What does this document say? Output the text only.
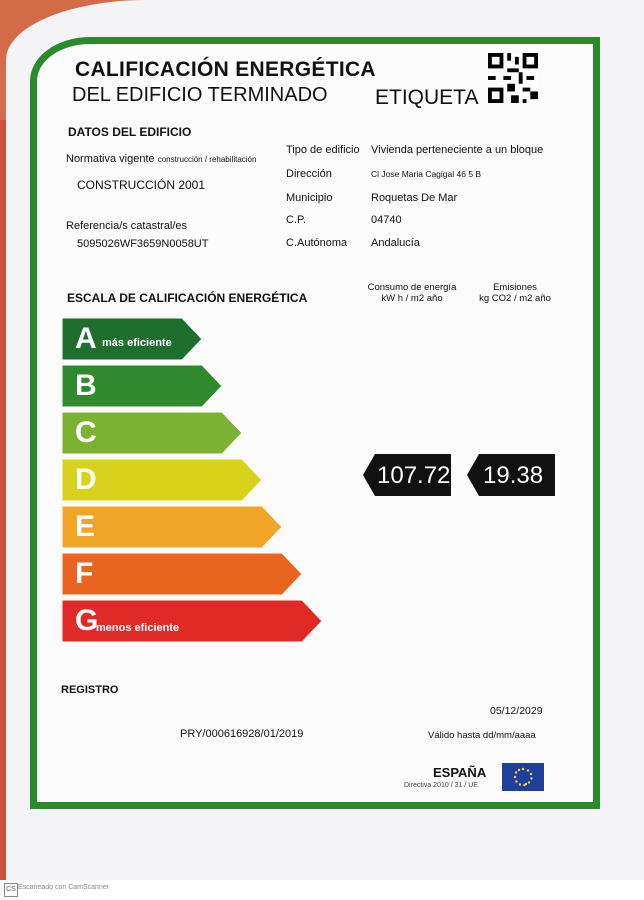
CALIFICACIÓN ENERGÉTICA
DEL EDIFICIO TERMINADO ETIQUETA
DATOS DEL EDIFICIO
Normativa vigente construcción / rehabilitación
CONSTRUCCIÓN 2001
Referencia/s catastral/es
5095026WF3659N0058UT
Tipo de edificio Vivienda perteneciente a un bloque
Dirección	Cl Jose Maria Cagigal 46 5 B
Municipio	Roquetas De Mar
C.P.	04740
C.Autónoma Andalucía
ESCALA DE CALIFICACIÓN ENERGÉTICA
Consumo de energía
kW h / m2 año
Emisiones
kg CO2 / m2 año
A más eficiente
B
C
D
E
F
G
menos eficiente
107.72 19.38
REGISTRO
05/12/2029
PRY/000616928/01/2019	Válido hasta dd/mm/aaaa
ESPAÑA
Directiva 2010 / 31 / UE
CS Escaneado con CamScanner
